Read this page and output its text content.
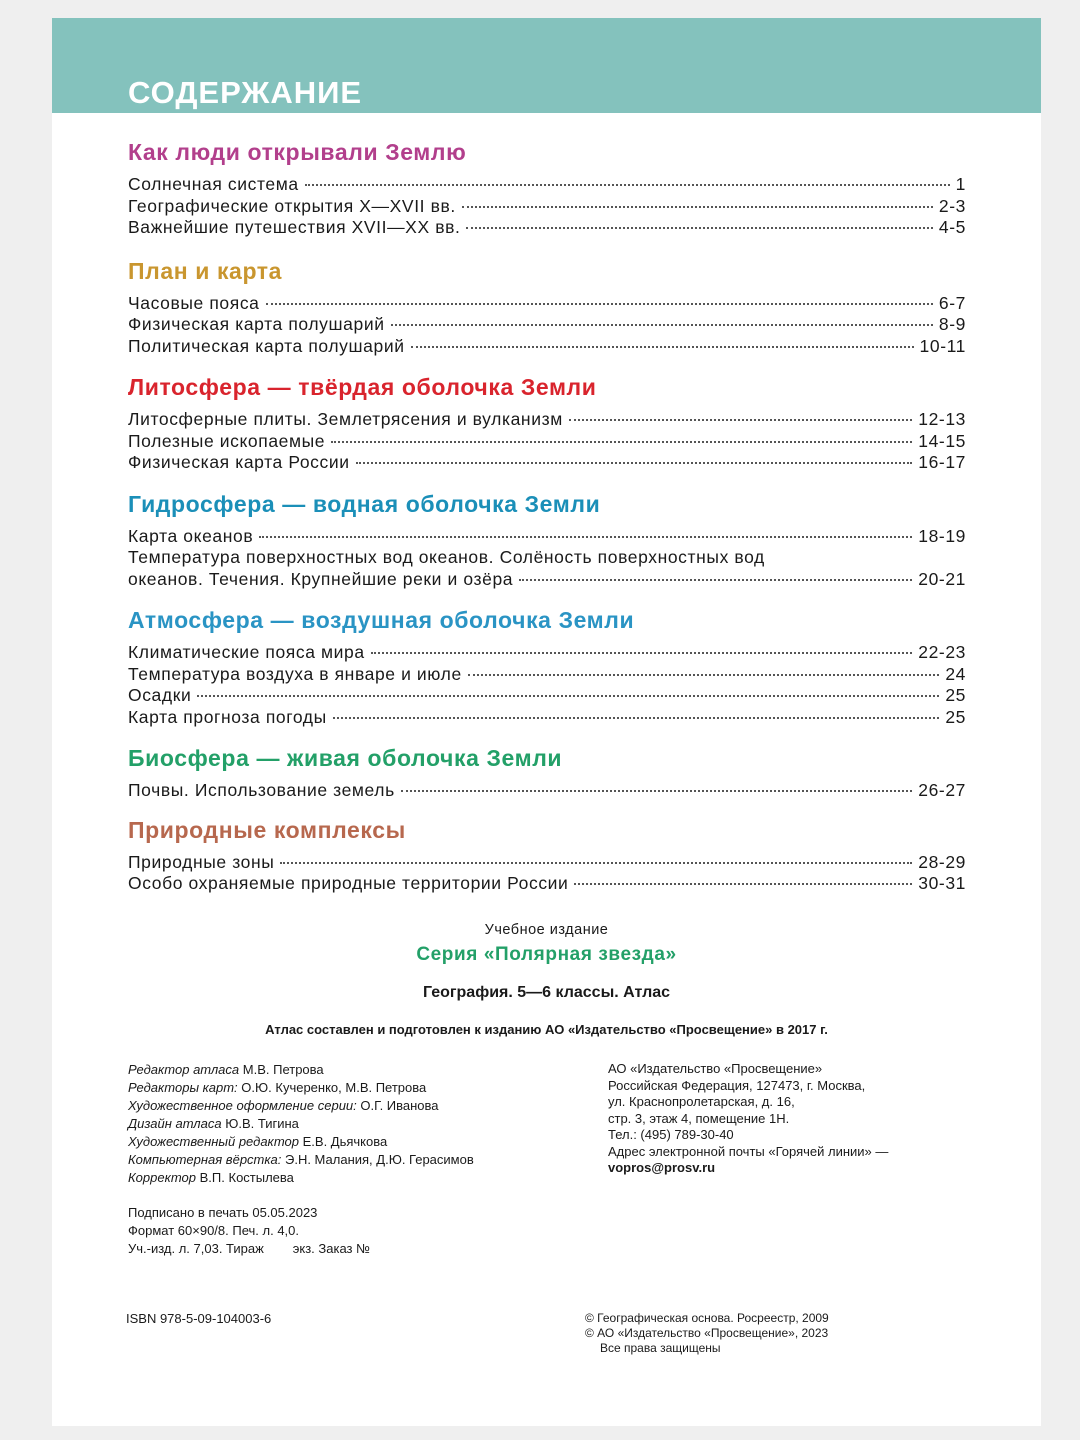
СОДЕРЖАНИЕ
Как люди открывали Землю
Солнечная система	1
Географические открытия X—XVII вв.	2-3
Важнейшие путешествия XVII—XX вв.	4-5
План и карта
Часовые пояса	6-7
Физическая карта полушарий	8-9
Политическая карта полушарий	10-11
Литосфера — твёрдая оболочка Земли
Литосферные плиты. Землетрясения и вулканизм	12-13
Полезные ископаемые	14-15
Физическая карта России	16-17
Гидросфера — водная оболочка Земли
Карта океанов	18-19
Температура поверхностных вод океанов. Солёность поверхностных вод
океанов. Течения. Крупнейшие реки и озёра	20-21
Атмосфера — воздушная оболочка Земли
Климатические пояса мира	22-23
Температура воздуха в январе и июле	24
Осадки	25
Карта прогноза погоды	25
Биосфера — живая оболочка Земли
Почвы. Использование земель	26-27
Природные комплексы
Природные зоны	28-29
Особо охраняемые природные территории России	30-31
Учебное издание
Серия «Полярная звезда»
География. 5—6 классы. Атлас
Атлас составлен и подготовлен к изданию АО «Издательство «Просвещение» в 2017 г.
Редактор атласа М.В. Петрова
Редакторы карт: О.Ю. Кучеренко, М.В. Петрова
Художественное оформление серии: О.Г. Иванова
Дизайн атласа Ю.В. Тигина
Художественный редактор Е.В. Дьячкова
Компьютерная вёрстка: Э.Н. Малания, Д.Ю. Герасимов
Корректор В.П. Костылева
АО «Издательство «Просвещение»
Российская Федерация, 127473, г. Москва,
ул. Краснопролетарская, д. 16,
стр. 3, этаж 4, помещение 1Н.
Тел.: (495) 789-30-40
Адрес электронной почты «Горячей линии» —
vopros@prosv.ru
Подписано в печать 05.05.2023
Формат 60×90/8. Печ. л. 4,0.
Уч.-изд. л. 7,03. Тираж        экз. Заказ №
ISBN 978-5-09-104003-6	© Географическая основа. Росреестр, 2009
© АО «Издательство «Просвещение», 2023
Все права защищены
